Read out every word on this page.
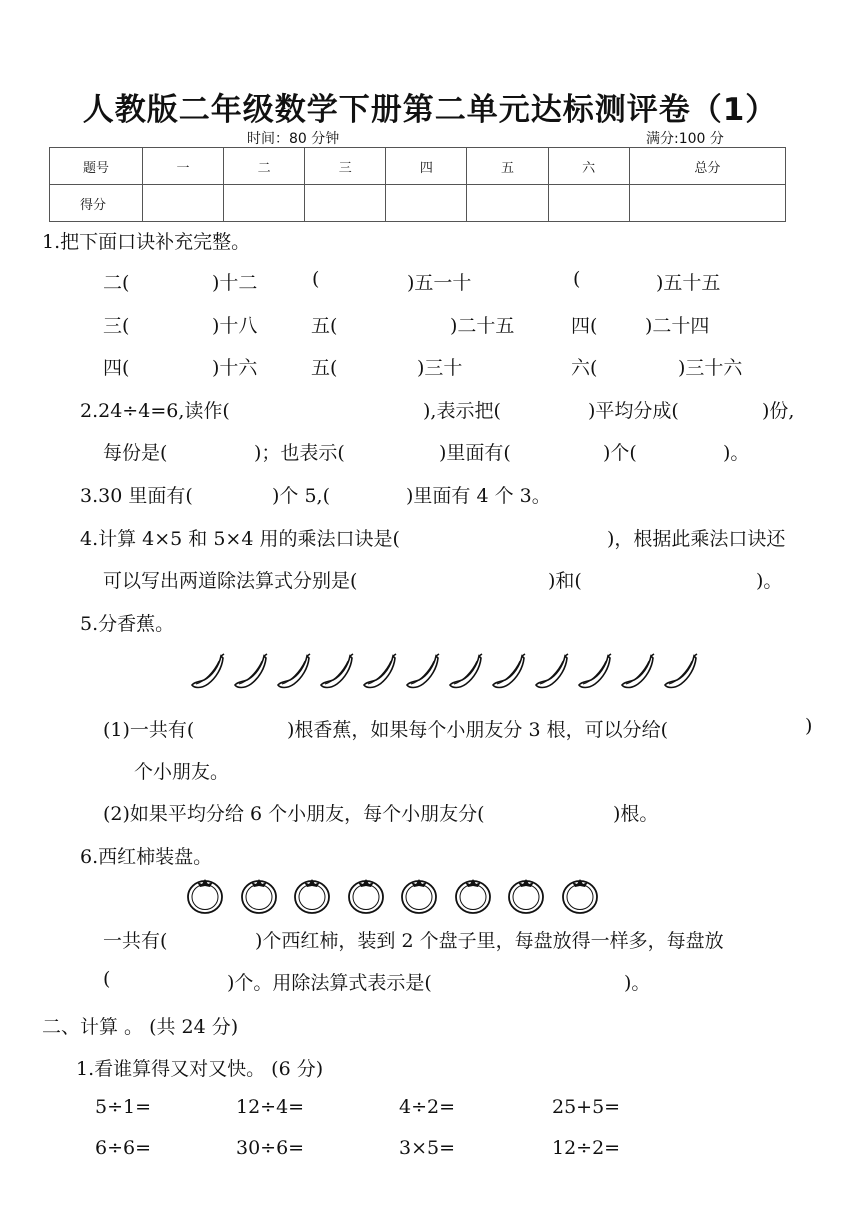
人教版二年级数学下册第二单元达标测评卷（1）
时间：80 分钟	满分:100 分
题号	一	二	三	四	五	六	总分
得分							
1.把下面口诀补充完整。
二(	)十二	(	)五一十	(	)五十五
三(	)十八	五(	)二十五	四(	)二十四
四(	)十六	五(	)三十	六(	)三十六
2.24÷4=6,读作(	),表示把(	)平均分成(	)份,
每份是(	)；也表示(	)里面有(	)个(	)。
3.30 里面有(	)个 5,(	)里面有 4 个 3。
4.计算 4×5 和 5×4 用的乘法口诀是(	)，根据此乘法口诀还
可以写出两道除法算式分别是(	)和(	)。
5.分香蕉。
(1)一共有(	)根香蕉，如果每个小朋友分 3 根，可以分给(	)
个小朋友。
(2)如果平均分给 6 个小朋友，每个小朋友分(	)根。
6.西红柿装盘。
一共有(	)个西红柿，装到 2 个盘子里，每盘放得一样多，每盘放
(	)个。用除法算式表示是(	)。
二、计算 。 (共 24 分)
1.看谁算得又对又快。 (6 分)
5÷1=	12÷4=	4÷2=	25+5=
6÷6=	30÷6=	3×5=	12÷2=
